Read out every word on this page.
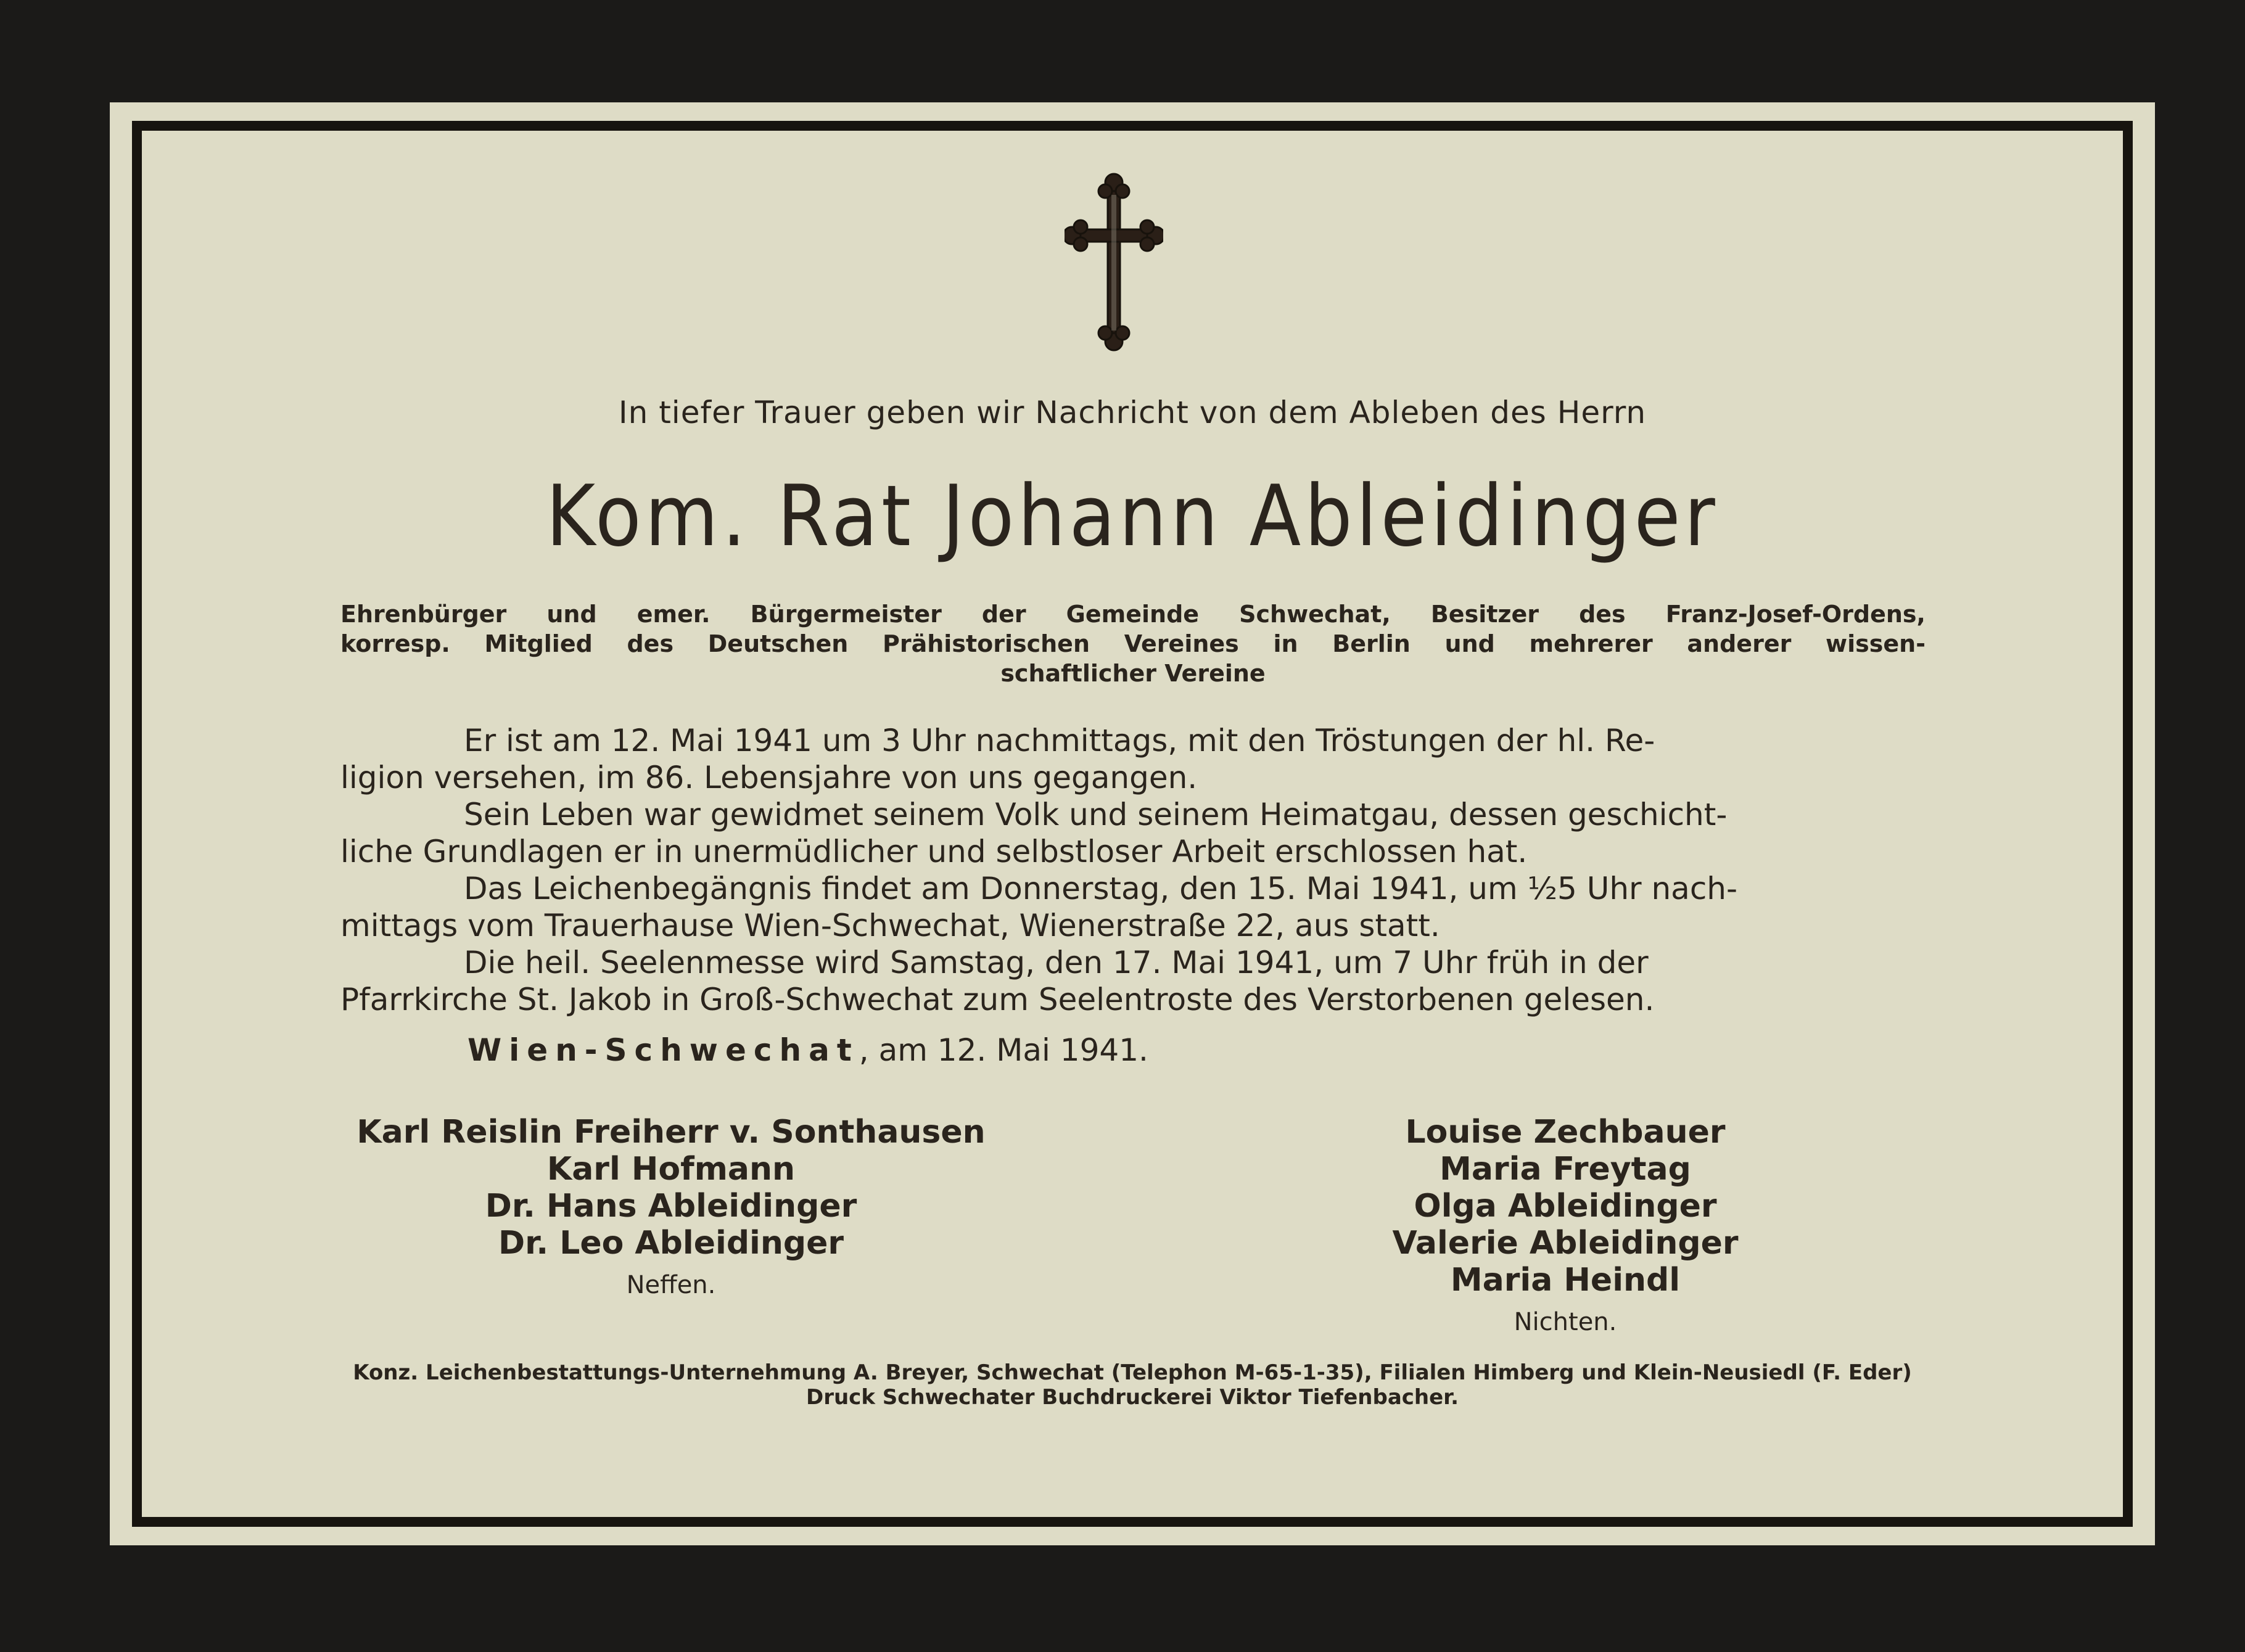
In tiefer Trauer geben wir Nachricht von dem Ableben des Herrn
Kom. Rat Johann Ableidinger
Ehrenbürger und emer. Bürgermeister der Gemeinde Schwechat, Besitzer des Franz-Josef-Ordens,
korresp. Mitglied des Deutschen Prähistorischen Vereines in Berlin und mehrerer anderer wissen-
schaftlicher Vereine
Er ist am 12. Mai 1941 um 3 Uhr nachmittags, mit den Tröstungen der hl. Re-
ligion versehen, im 86. Lebensjahre von uns gegangen.
Sein Leben war gewidmet seinem Volk und seinem Heimatgau, dessen geschicht-
liche Grundlagen er in unermüdlicher und selbstloser Arbeit erschlossen hat.
Das Leichenbegängnis findet am Donnerstag, den 15. Mai 1941, um ½5 Uhr nach-
mittags vom Trauerhause Wien-Schwechat, Wienerstraße 22, aus statt.
Die heil. Seelenmesse wird Samstag, den 17. Mai 1941, um 7 Uhr früh in der
Pfarrkirche St. Jakob in Groß-Schwechat zum Seelentroste des Verstorbenen gelesen.
Wien-Schwechat, am 12. Mai 1941.
Karl Reislin Freiherr v. Sonthausen
Karl Hofmann
Dr. Hans Ableidinger
Dr. Leo Ableidinger
Neffen.
Louise Zechbauer
Maria Freytag
Olga Ableidinger
Valerie Ableidinger
Maria Heindl
Nichten.
Konz. Leichenbestattungs-Unternehmung A. Breyer, Schwechat (Telephon M-65-1-35), Filialen Himberg und Klein-Neusiedl (F. Eder)
Druck Schwechater Buchdruckerei Viktor Tiefenbacher.
